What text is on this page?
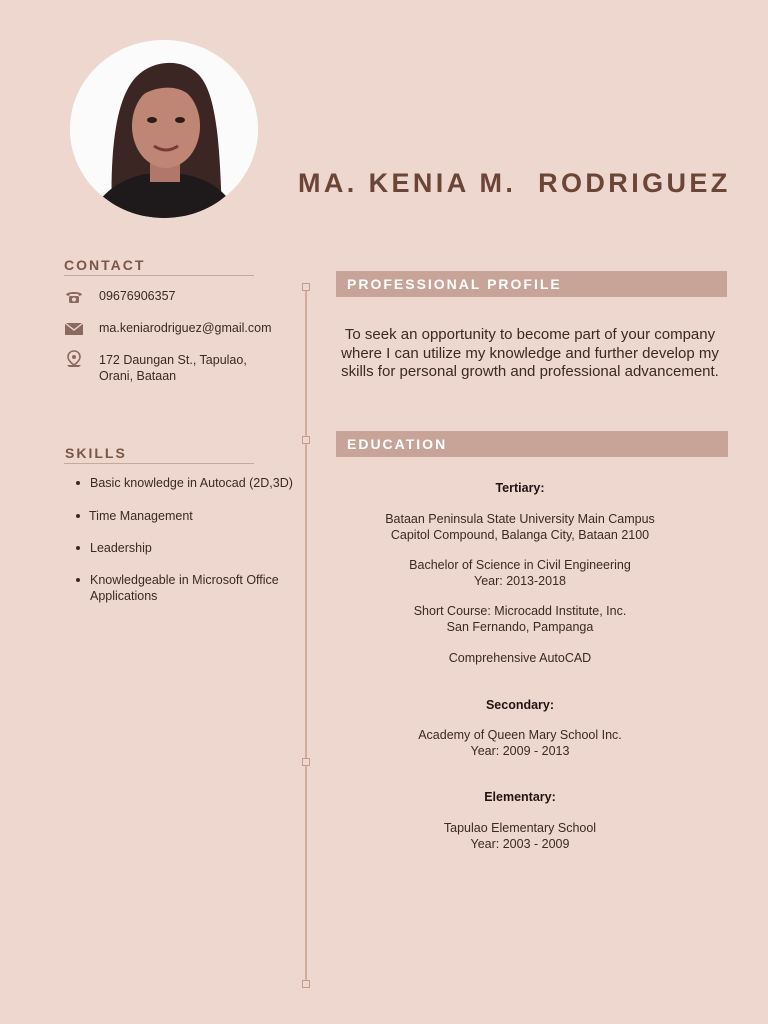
MA. KENIA M.  RODRIGUEZ
CONTACT
09676906357
ma.keniarodriguez@gmail.com
172 Daungan St., Tapulao,
Orani, Bataan
SKILLS
Basic knowledge in Autocad (2D,3D)
Time Management
Leadership
Knowledgeable in Microsoft Office Applications
PROFESSIONAL PROFILE
To seek an opportunity to become part of your company where I can utilize my knowledge and further develop my skills for personal growth and professional advancement.
EDUCATION
Tertiary:
Bataan Peninsula State University Main Campus
Capitol Compound, Balanga City, Bataan 2100
Bachelor of Science in Civil Engineering
Year: 2013-2018
Short Course: Microcadd Institute, Inc.
San Fernando, Pampanga
Comprehensive AutoCAD
Secondary:
Academy of Queen Mary School Inc.
Year: 2009 - 2013
Elementary:
Tapulao Elementary School
Year: 2003 - 2009
